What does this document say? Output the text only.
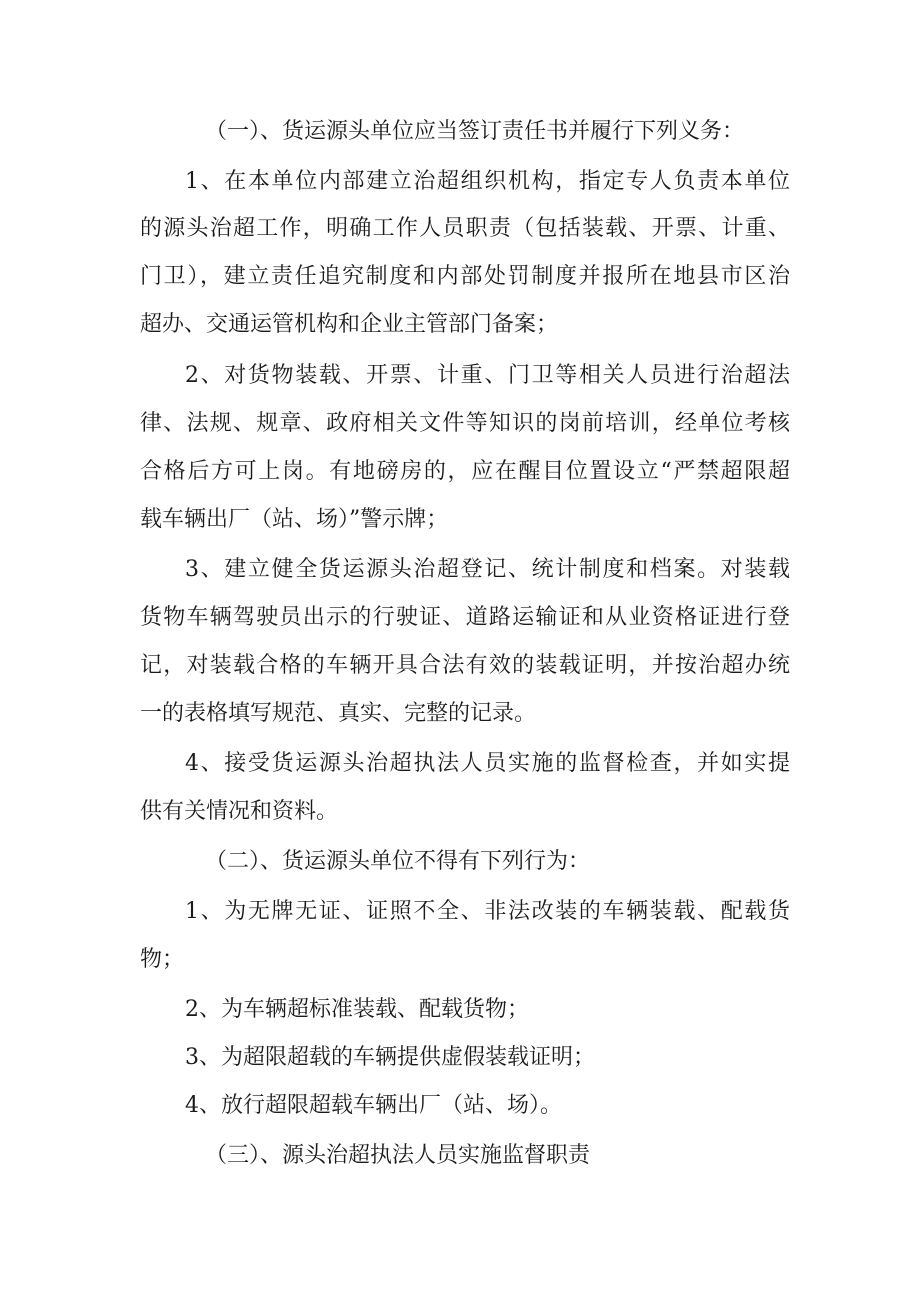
（一）、货运源头单位应当签订责任书并履行下列义务：
1、在本单位内部建立治超组织机构，指定专人负责本单位
的源头治超工作，明确工作人员职责（包括装载、开票、计重、
门卫），建立责任追究制度和内部处罚制度并报所在地县市区治
超办、交通运管机构和企业主管部门备案；
2、对货物装载、开票、计重、门卫等相关人员进行治超法
律、法规、规章、政府相关文件等知识的岗前培训，经单位考核
合格后方可上岗。有地磅房的，应在醒目位置设立“严禁超限超
载车辆出厂（站、场）”警示牌；
3、建立健全货运源头治超登记、统计制度和档案。对装载
货物车辆驾驶员出示的行驶证、道路运输证和从业资格证进行登
记，对装载合格的车辆开具合法有效的装载证明，并按治超办统
一的表格填写规范、真实、完整的记录。
4、接受货运源头治超执法人员实施的监督检查，并如实提
供有关情况和资料。
（二）、货运源头单位不得有下列行为：
1、为无牌无证、证照不全、非法改装的车辆装载、配载货
物；
2、为车辆超标准装载、配载货物；
3、为超限超载的车辆提供虚假装载证明；
4、放行超限超载车辆出厂（站、场）。
（三）、源头治超执法人员实施监督职责
